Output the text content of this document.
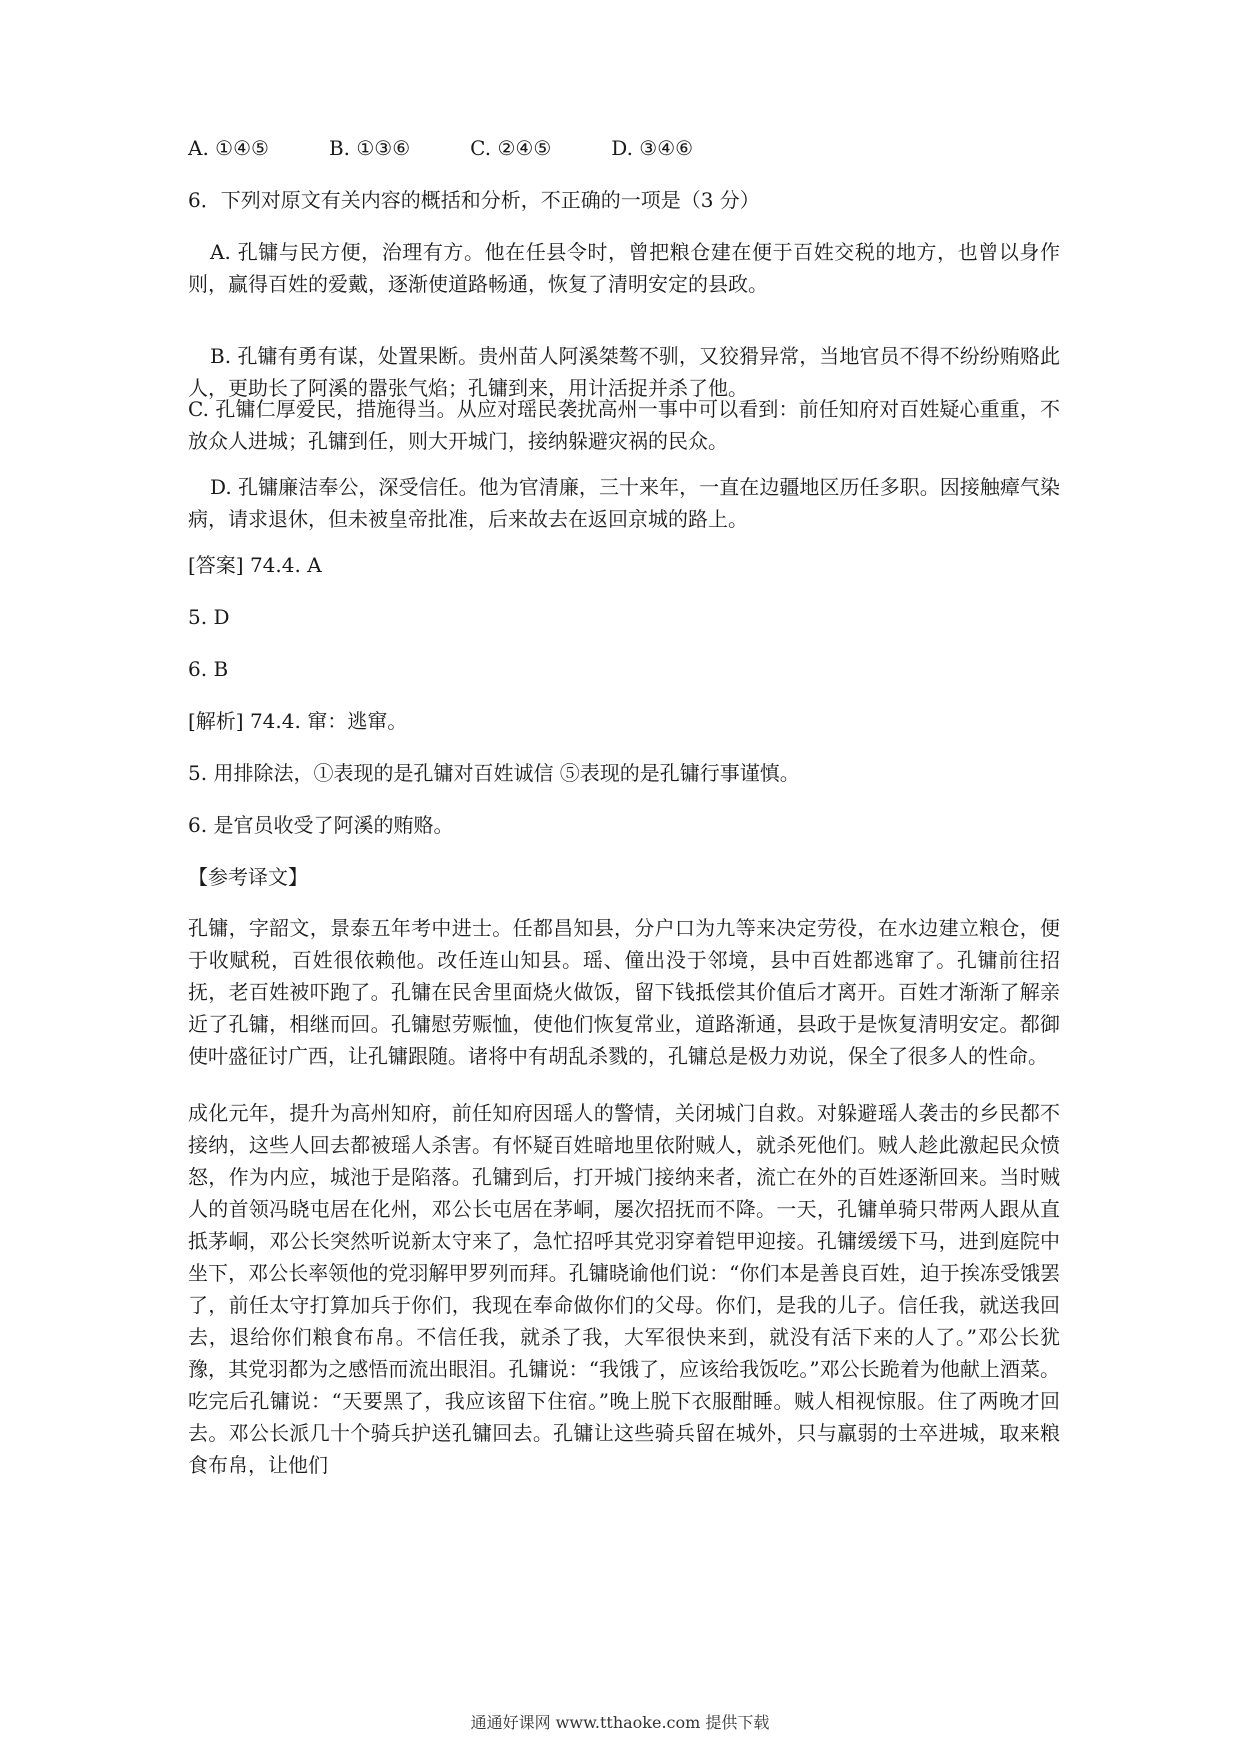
A. ①④⑤	B. ①③⑥	C. ②④⑤	D. ③④⑥
6．下列对原文有关内容的概括和分析，不正确的一项是（3 分）
A. 孔镛与民方便，治理有方。他在任县令时，曾把粮仓建在便于百姓交税的地方，也曾以身作则，赢得百姓的爱戴，逐渐使道路畅通，恢复了清明安定的县政。
B. 孔镛有勇有谋，处置果断。贵州苗人阿溪桀骜不驯，又狡猾异常，当地官员不得不纷纷贿赂此人，更助长了阿溪的嚣张气焰；孔镛到来，用计活捉并杀了他。
C. 孔镛仁厚爱民，措施得当。从应对瑶民袭扰高州一事中可以看到：前任知府对百姓疑心重重，不放众人进城；孔镛到任，则大开城门，接纳躲避灾祸的民众。
D. 孔镛廉洁奉公，深受信任。他为官清廉，三十来年，一直在边疆地区历任多职。因接触瘴气染病，请求退休，但未被皇帝批准，后来故去在返回京城的路上。
[答案] 74.4. A
5. D
6. B
[解析] 74.4. 窜：逃窜。
5. 用排除法，①表现的是孔镛对百姓诚信 ⑤表现的是孔镛行事谨慎。
6. 是官员收受了阿溪的贿赂。
【参考译文】
孔镛，字韶文，景泰五年考中进士。任都昌知县，分户口为九等来决定劳役，在水边建立粮仓，便于收赋税，百姓很依赖他。改任连山知县。瑶、僮出没于邻境，县中百姓都逃窜了。孔镛前往招抚，老百姓被吓跑了。孔镛在民舍里面烧火做饭，留下钱抵偿其价值后才离开。百姓才渐渐了解亲近了孔镛，相继而回。孔镛慰劳赈恤，使他们恢复常业，道路渐通，县政于是恢复清明安定。都御使叶盛征讨广西，让孔镛跟随。诸将中有胡乱杀戮的，孔镛总是极力劝说，保全了很多人的性命。
成化元年，提升为高州知府，前任知府因瑶人的警情，关闭城门自救。对躲避瑶人袭击的乡民都不接纳，这些人回去都被瑶人杀害。有怀疑百姓暗地里依附贼人，就杀死他们。贼人趁此激起民众愤怒，作为内应，城池于是陷落。孔镛到后，打开城门接纳来者，流亡在外的百姓逐渐回来。当时贼人的首领冯晓屯居在化州，邓公长屯居在茅峒，屡次招抚而不降。一天，孔镛单骑只带两人跟从直抵茅峒，邓公长突然听说新太守来了，急忙招呼其党羽穿着铠甲迎接。孔镛缓缓下马，进到庭院中坐下，邓公长率领他的党羽解甲罗列而拜。孔镛晓谕他们说：“你们本是善良百姓，迫于挨冻受饿罢了，前任太守打算加兵于你们，我现在奉命做你们的父母。你们，是我的儿子。信任我，就送我回去，退给你们粮食布帛。不信任我，就杀了我，大军很快来到，就没有活下来的人了。”邓公长犹豫，其党羽都为之感悟而流出眼泪。孔镛说：“我饿了，应该给我饭吃。”邓公长跪着为他献上酒菜。吃完后孔镛说：“天要黑了，我应该留下住宿。”晚上脱下衣服酣睡。贼人相视惊服。住了两晚才回去。邓公长派几十个骑兵护送孔镛回去。孔镛让这些骑兵留在城外，只与羸弱的士卒进城，取来粮食布帛，让他们
通通好课网 www.tthaoke.com 提供下载
